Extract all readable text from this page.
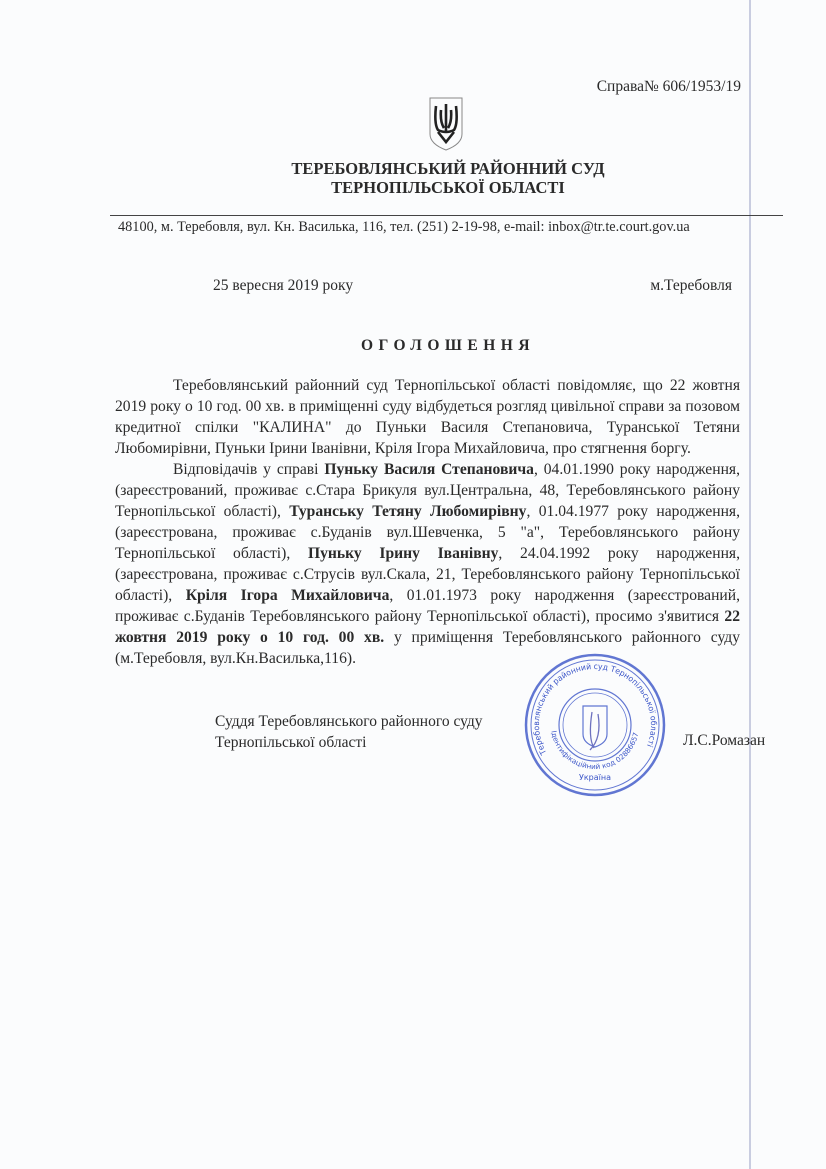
Справа№ 606/1953/19
ТЕРЕБОВЛЯНСЬКИЙ РАЙОННИЙ СУД
ТЕРНОПІЛЬСЬКОЇ ОБЛАСТІ
48100, м. Теребовля, вул. Кн. Василька, 116, тел. (251) 2-19-98, e-mail: inbox@tr.te.court.gov.ua
25 вересня 2019 року	м.Теребовля
ОГОЛОШЕННЯ

Теребовлянський районний суд Тернопільської області повідомляє, що 22 жовтня 2019 року о 10 год. 00 хв. в приміщенні суду відбудеться розгляд цивільної справи за позовом кредитної спілки "КАЛИНА" до Пуньки Василя Степановича, Туранської Тетяни Любомирівни, Пуньки Ірини Іванівни, Кріля Ігора Михайловича, про стягнення боргу.

Відповідачів у справі Пуньку Василя Степановича, 04.01.1990 року народження, (зареєстрований, проживає с.Стара Брикуля вул.Центральна, 48, Теребовлянського району Тернопільської області), Туранську Тетяну Любомирівну, 01.04.1977 року народження, (зареєстрована, проживає с.Буданів вул.Шевченка, 5 "а", Теребовлянського району Тернопільської області), Пуньку Ірину Іванівну, 24.04.1992 року народження, (зареєстрована, проживає с.Струсів вул.Скала, 21, Теребовлянського району Тернопільської області), Кріля Ігора Михайловича, 01.01.1973 року народження (зареєстрований, проживає с.Буданів Теребовлянського району Тернопільської області), просимо з'явитися 22 жовтня 2019 року о 10 год. 00 хв. у приміщення Теребовлянського районного суду (м.Теребовля, вул.Кн.Василька,116).

Суддя Теребовлянського районного суду
Тернопільської області	Л.С.Ромазан
Теребовлянський районний суд Тернопільської області
Ідентифікаційний код 02886657
Україна
